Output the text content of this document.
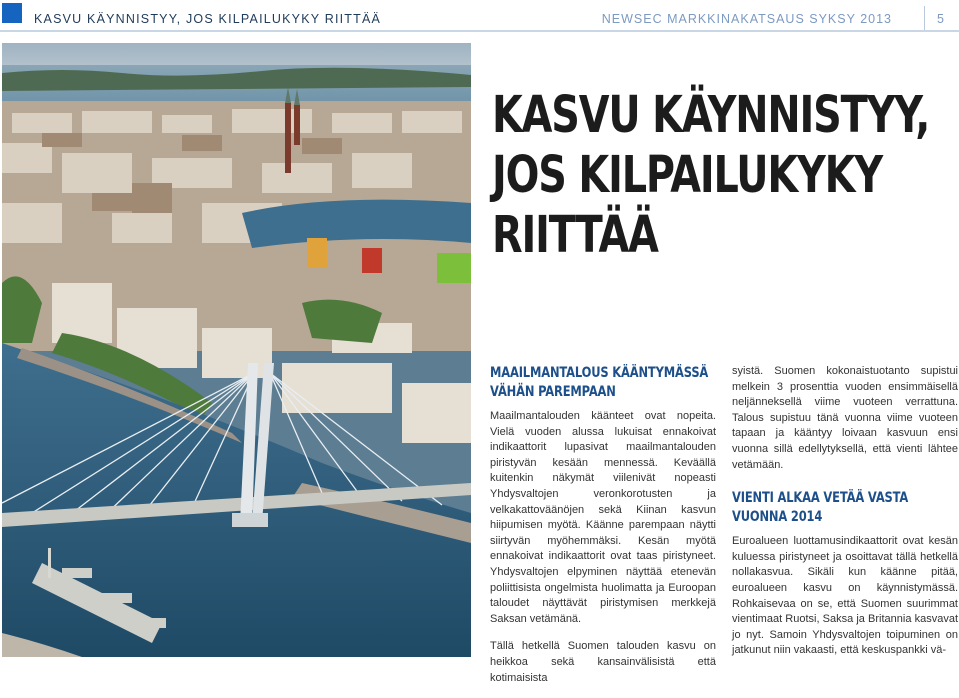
KASVU KÄYNNISTYY, JOS KILPAILUKYKY RIITTÄÄ	NEWSEC MARKKINAKATSAUS SYKSY 2013	5
KASVU KÄYNNISTYY,
JOS KILPAILUKYKY
RIITTÄÄ
MAAILMANTALOUS KÄÄNTYMÄSSÄ
VÄHÄN PAREMPAAN

Maailmantalouden käänteet ovat nopeita. Vielä vuoden alussa lukuisat ennakoivat indikaattorit lupasivat maailmantalouden piristyvän kesään mennessä. Keväällä kuitenkin näkymät viilenivät nopeasti Yhdysvaltojen veronkorotusten ja velkakattoväänöjen sekä Kiinan kasvun hiipumisen myötä. Käänne parempaan näytti siirtyvän myöhemmäksi. Kesän myötä ennakoivat indikaattorit ovat taas piristyneet. Yhdysvaltojen elpyminen näyttää etenevän poliittisista ongelmista huolimatta ja Euroopan taloudet näyttävät piristymisen merkkejä Saksan vetämänä.

Tällä hetkellä Suomen talouden kasvu on heikkoa sekä kansainvälisistä että kotimaisista

syistä. Suomen kokonaistuotanto supistui melkein 3 prosenttia vuoden ensimmäisellä neljänneksellä viime vuoteen verrattuna. Talous supistuu tänä vuonna viime vuoteen tapaan ja kääntyy loivaan kasvuun ensi vuonna sillä edellytyksellä, että vienti lähtee vetämään.

VIENTI ALKAA VETÄÄ VASTA
VUONNA 2014

Euroalueen luottamusindikaattorit ovat kesän kuluessa piristyneet ja osoittavat tällä hetkellä nollakasvua. Sikäli kun käänne pitää, euroalueen kasvu on käynnistymässä. Rohkaisevaa on se, että Suomen suurimmat vientimaat Ruotsi, Saksa ja Britannia kasvavat jo nyt. Samoin Yhdysvaltojen toipuminen on jatkunut niin vakaasti, että keskuspankki vä-
